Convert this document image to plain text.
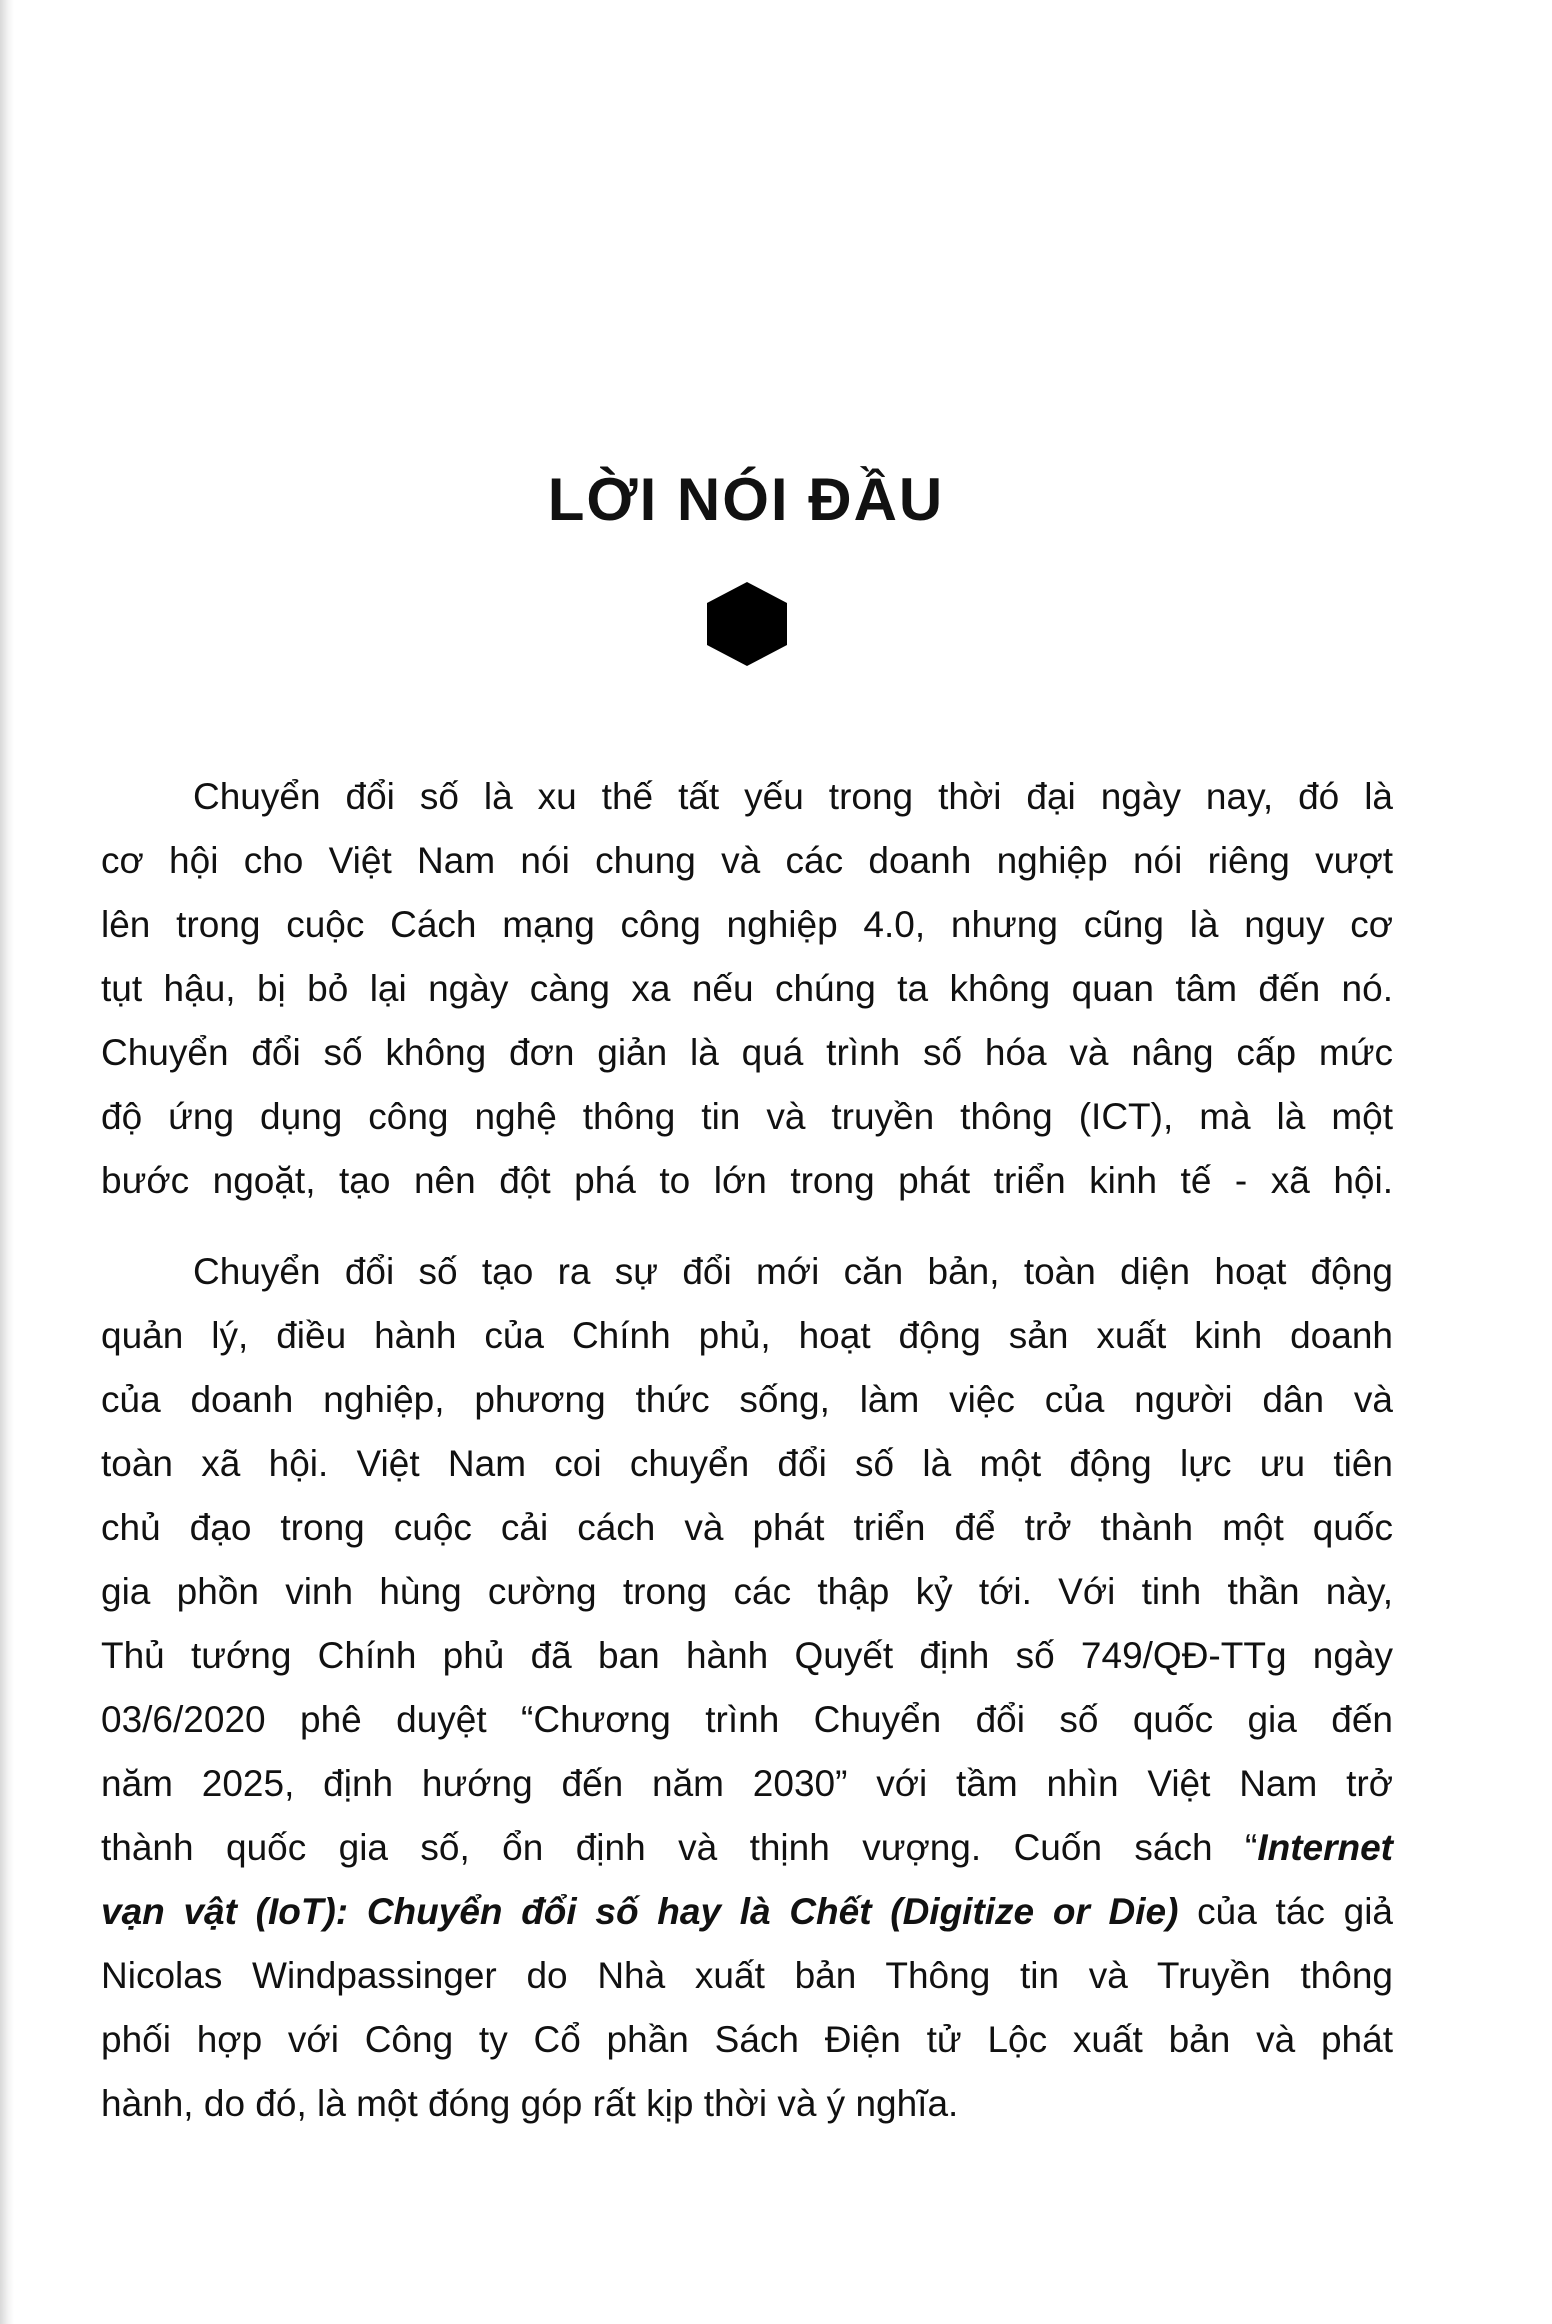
LỜI NÓI ĐẦU
Chuyển đổi số là xu thế tất yếu trong thời đại ngày nay, đó là
cơ hội cho Việt Nam nói chung và các doanh nghiệp nói riêng vượt
lên trong cuộc Cách mạng công nghiệp 4.0, nhưng cũng là nguy cơ
tụt hậu, bị bỏ lại ngày càng xa nếu chúng ta không quan tâm đến nó.
Chuyển đổi số không đơn giản là quá trình số hóa và nâng cấp mức
độ ứng dụng công nghệ thông tin và truyền thông (ICT), mà là một
bước ngoặt, tạo nên đột phá to lớn trong phát triển kinh tế - xã hội.
Chuyển đổi số tạo ra sự đổi mới căn bản, toàn diện hoạt động
quản lý, điều hành của Chính phủ, hoạt động sản xuất kinh doanh
của doanh nghiệp, phương thức sống, làm việc của người dân và
toàn xã hội. Việt Nam coi chuyển đổi số là một động lực ưu tiên
chủ đạo trong cuộc cải cách và phát triển để trở thành một quốc
gia phồn vinh hùng cường trong các thập kỷ tới. Với tinh thần này,
Thủ tướng Chính phủ đã ban hành Quyết định số 749/QĐ-TTg ngày
03/6/2020 phê duyệt “Chương trình Chuyển đổi số quốc gia đến
năm 2025, định hướng đến năm 2030” với tầm nhìn Việt Nam trở
thành quốc gia số, ổn định và thịnh vượng. Cuốn sách “Internet
vạn vật (IoT): Chuyển đổi số hay là Chết (Digitize or Die) của tác giả
Nicolas Windpassinger do Nhà xuất bản Thông tin và Truyền thông
phối hợp với Công ty Cổ phần Sách Điện tử Lộc xuất bản và phát
hành, do đó, là một đóng góp rất kịp thời và ý nghĩa.
